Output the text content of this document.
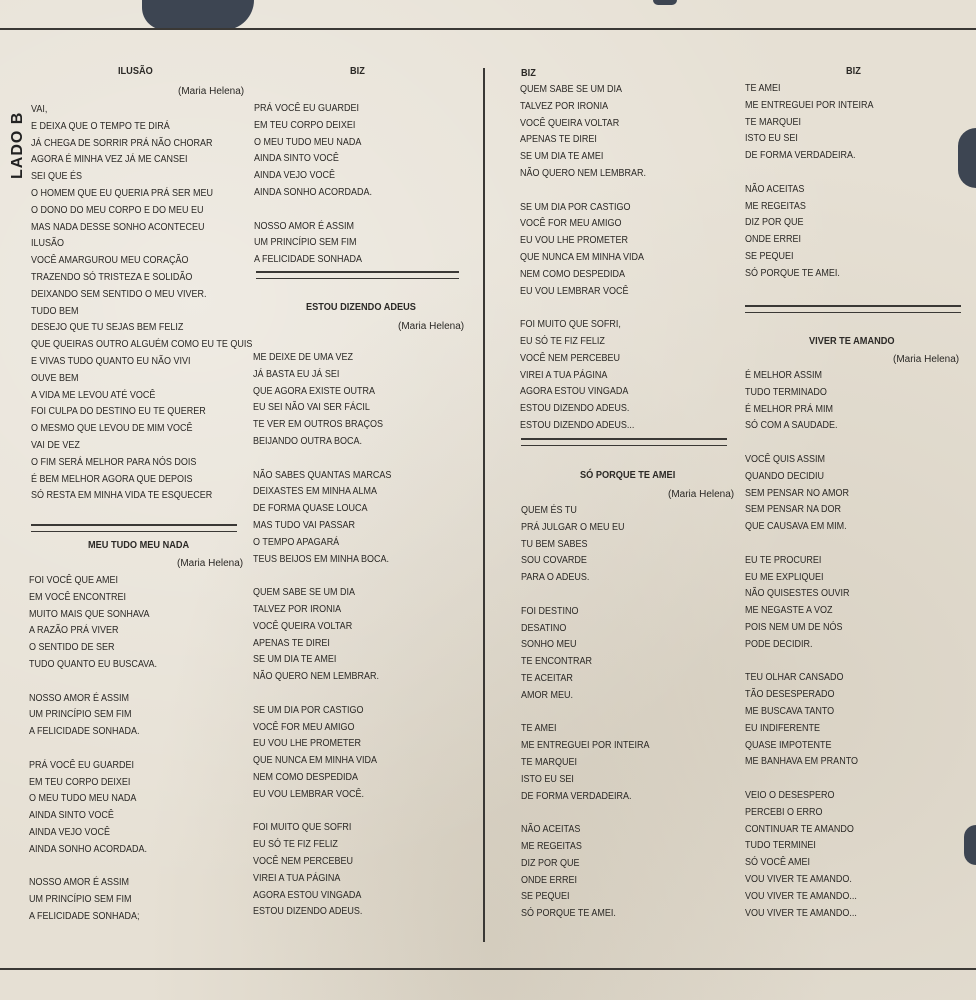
LADO B
ILUSÃO
(Maria Helena)
VAI,
E DEIXA QUE O TEMPO TE DIRÁ
JÁ CHEGA DE SORRIR PRÁ NÃO CHORAR
AGORA É MINHA VEZ JÁ ME CANSEI
SEI QUE ÉS
O HOMEM QUE EU QUERIA PRÁ SER MEU
O DONO DO MEU CORPO E DO MEU EU
MAS NADA DESSE SONHO ACONTECEU
ILUSÃO
VOCÊ AMARGUROU MEU CORAÇÃO
TRAZENDO SÓ TRISTEZA E SOLIDÃO
DEIXANDO SEM SENTIDO O MEU VIVER.
TUDO BEM
DESEJO QUE TU SEJAS BEM FELIZ
QUE QUEIRAS OUTRO ALGUÉM COMO EU TE QUIS
E VIVAS TUDO QUANTO EU NÃO VIVI
OUVE BEM
A VIDA ME LEVOU ATÉ VOCÊ
FOI CULPA DO DESTINO EU TE QUERER
O MESMO QUE LEVOU DE MIM VOCÊ
VAI DE VEZ
O FIM SERÁ MELHOR PARA NÓS DOIS
É BEM MELHOR AGORA QUE DEPOIS
SÓ RESTA EM MINHA VIDA TE ESQUECER
MEU TUDO MEU NADA
(Maria Helena)
FOI VOCÊ QUE AMEI
EM VOCÊ ENCONTREI
MUITO MAIS QUE SONHAVA
A RAZÃO PRÁ VIVER
O SENTIDO DE SER
TUDO QUANTO EU BUSCAVA.
NOSSO AMOR É ASSIM
UM PRINCÍPIO SEM FIM
A FELICIDADE SONHADA.
PRÁ VOCÊ EU GUARDEI
EM TEU CORPO DEIXEI
O MEU TUDO MEU NADA
AINDA SINTO VOCÊ
AINDA VEJO VOCÊ
AINDA SONHO ACORDADA.
NOSSO AMOR É ASSIM
UM PRINCÍPIO SEM FIM
A FELICIDADE SONHADA;
BIZ
PRÁ VOCÊ EU GUARDEI
EM TEU CORPO DEIXEI
O MEU TUDO MEU NADA
AINDA SINTO VOCÊ
AINDA VEJO VOCÊ
AINDA SONHO ACORDADA.
NOSSO AMOR É ASSIM
UM PRINCÍPIO SEM FIM
A FELICIDADE SONHADA
ESTOU DIZENDO ADEUS
(Maria Helena)
ME DEIXE DE UMA VEZ
JÁ BASTA EU JÁ SEI
QUE AGORA EXISTE OUTRA
EU SEI NÃO VAI SER FÁCIL
TE VER EM OUTROS BRAÇOS
BEIJANDO OUTRA BOCA.
NÃO SABES QUANTAS MARCAS
DEIXASTES EM MINHA ALMA
DE FORMA QUASE LOUCA
MAS TUDO VAI PASSAR
O TEMPO APAGARÁ
TEUS BEIJOS EM MINHA BOCA.
QUEM SABE SE UM DIA
TALVEZ POR IRONIA
VOCÊ QUEIRA VOLTAR
APENAS TE DIREI
SE UM DIA TE AMEI
NÃO QUERO NEM LEMBRAR.
SE UM DIA POR CASTIGO
VOCÊ FOR MEU AMIGO
EU VOU LHE PROMETER
QUE NUNCA EM MINHA VIDA
NEM COMO DESPEDIDA
EU VOU LEMBRAR VOCÊ.
FOI MUITO QUE SOFRI
EU SÓ TE FIZ FELIZ
VOCÊ NEM PERCEBEU
VIREI A TUA PÁGINA
AGORA ESTOU VINGADA
ESTOU DIZENDO ADEUS.
BIZ
QUEM SABE SE UM DIA
TALVEZ POR IRONIA
VOCÊ QUEIRA VOLTAR
APENAS TE DIREI
SE UM DIA TE AMEI
NÃO QUERO NEM LEMBRAR.
SE UM DIA POR CASTIGO
VOCÊ FOR MEU AMIGO
EU VOU LHE PROMETER
QUE NUNCA EM MINHA VIDA
NEM COMO DESPEDIDA
EU VOU LEMBRAR VOCÊ
FOI MUITO QUE SOFRI,
EU SÓ TE FIZ FELIZ
VOCÊ NEM PERCEBEU
VIREI A TUA PÁGINA
AGORA ESTOU VINGADA
ESTOU DIZENDO ADEUS.
ESTOU DIZENDO ADEUS...
SÓ PORQUE TE AMEI
(Maria Helena)
QUEM ÉS TU
PRÁ JULGAR O MEU EU
TU BEM SABES
SOU COVARDE
PARA O ADEUS.
FOI DESTINO
DESATINO
SONHO MEU
TE ENCONTRAR
TE ACEITAR
AMOR MEU.
TE AMEI
ME ENTREGUEI POR INTEIRA
TE MARQUEI
ISTO EU SEI
DE FORMA VERDADEIRA.
NÃO ACEITAS
ME REGEITAS
DIZ POR QUE
ONDE ERREI
SE PEQUEI
SÓ PORQUE TE AMEI.
BIZ
TE AMEI
ME ENTREGUEI POR INTEIRA
TE MARQUEI
ISTO EU SEI
DE FORMA VERDADEIRA.
NÃO ACEITAS
ME REGEITAS
DIZ POR QUE
ONDE ERREI
SE PEQUEI
SÓ PORQUE TE AMEI.
VIVER TE AMANDO
(Maria Helena)
É MELHOR ASSIM
TUDO TERMINADO
É MELHOR PRÁ MIM
SÓ COM A SAUDADE.
VOCÊ QUIS ASSIM
QUANDO DECIDIU
SEM PENSAR NO AMOR
SEM PENSAR NA DOR
QUE CAUSAVA EM MIM.
EU TE PROCUREI
EU ME EXPLIQUEI
NÃO QUISESTES OUVIR
ME NEGASTE A VOZ
POIS NEM UM DE NÓS
PODE DECIDIR.
TEU OLHAR CANSADO
TÃO DESESPERADO
ME BUSCAVA TANTO
EU INDIFERENTE
QUASE IMPOTENTE
ME BANHAVA EM PRANTO
VEIO O DESESPERO
PERCEBI O ERRO
CONTINUAR TE AMANDO
TUDO TERMINEI
SÓ VOCÊ AMEI
VOU VIVER TE AMANDO.
VOU VIVER TE AMANDO...
VOU VIVER TE AMANDO...
